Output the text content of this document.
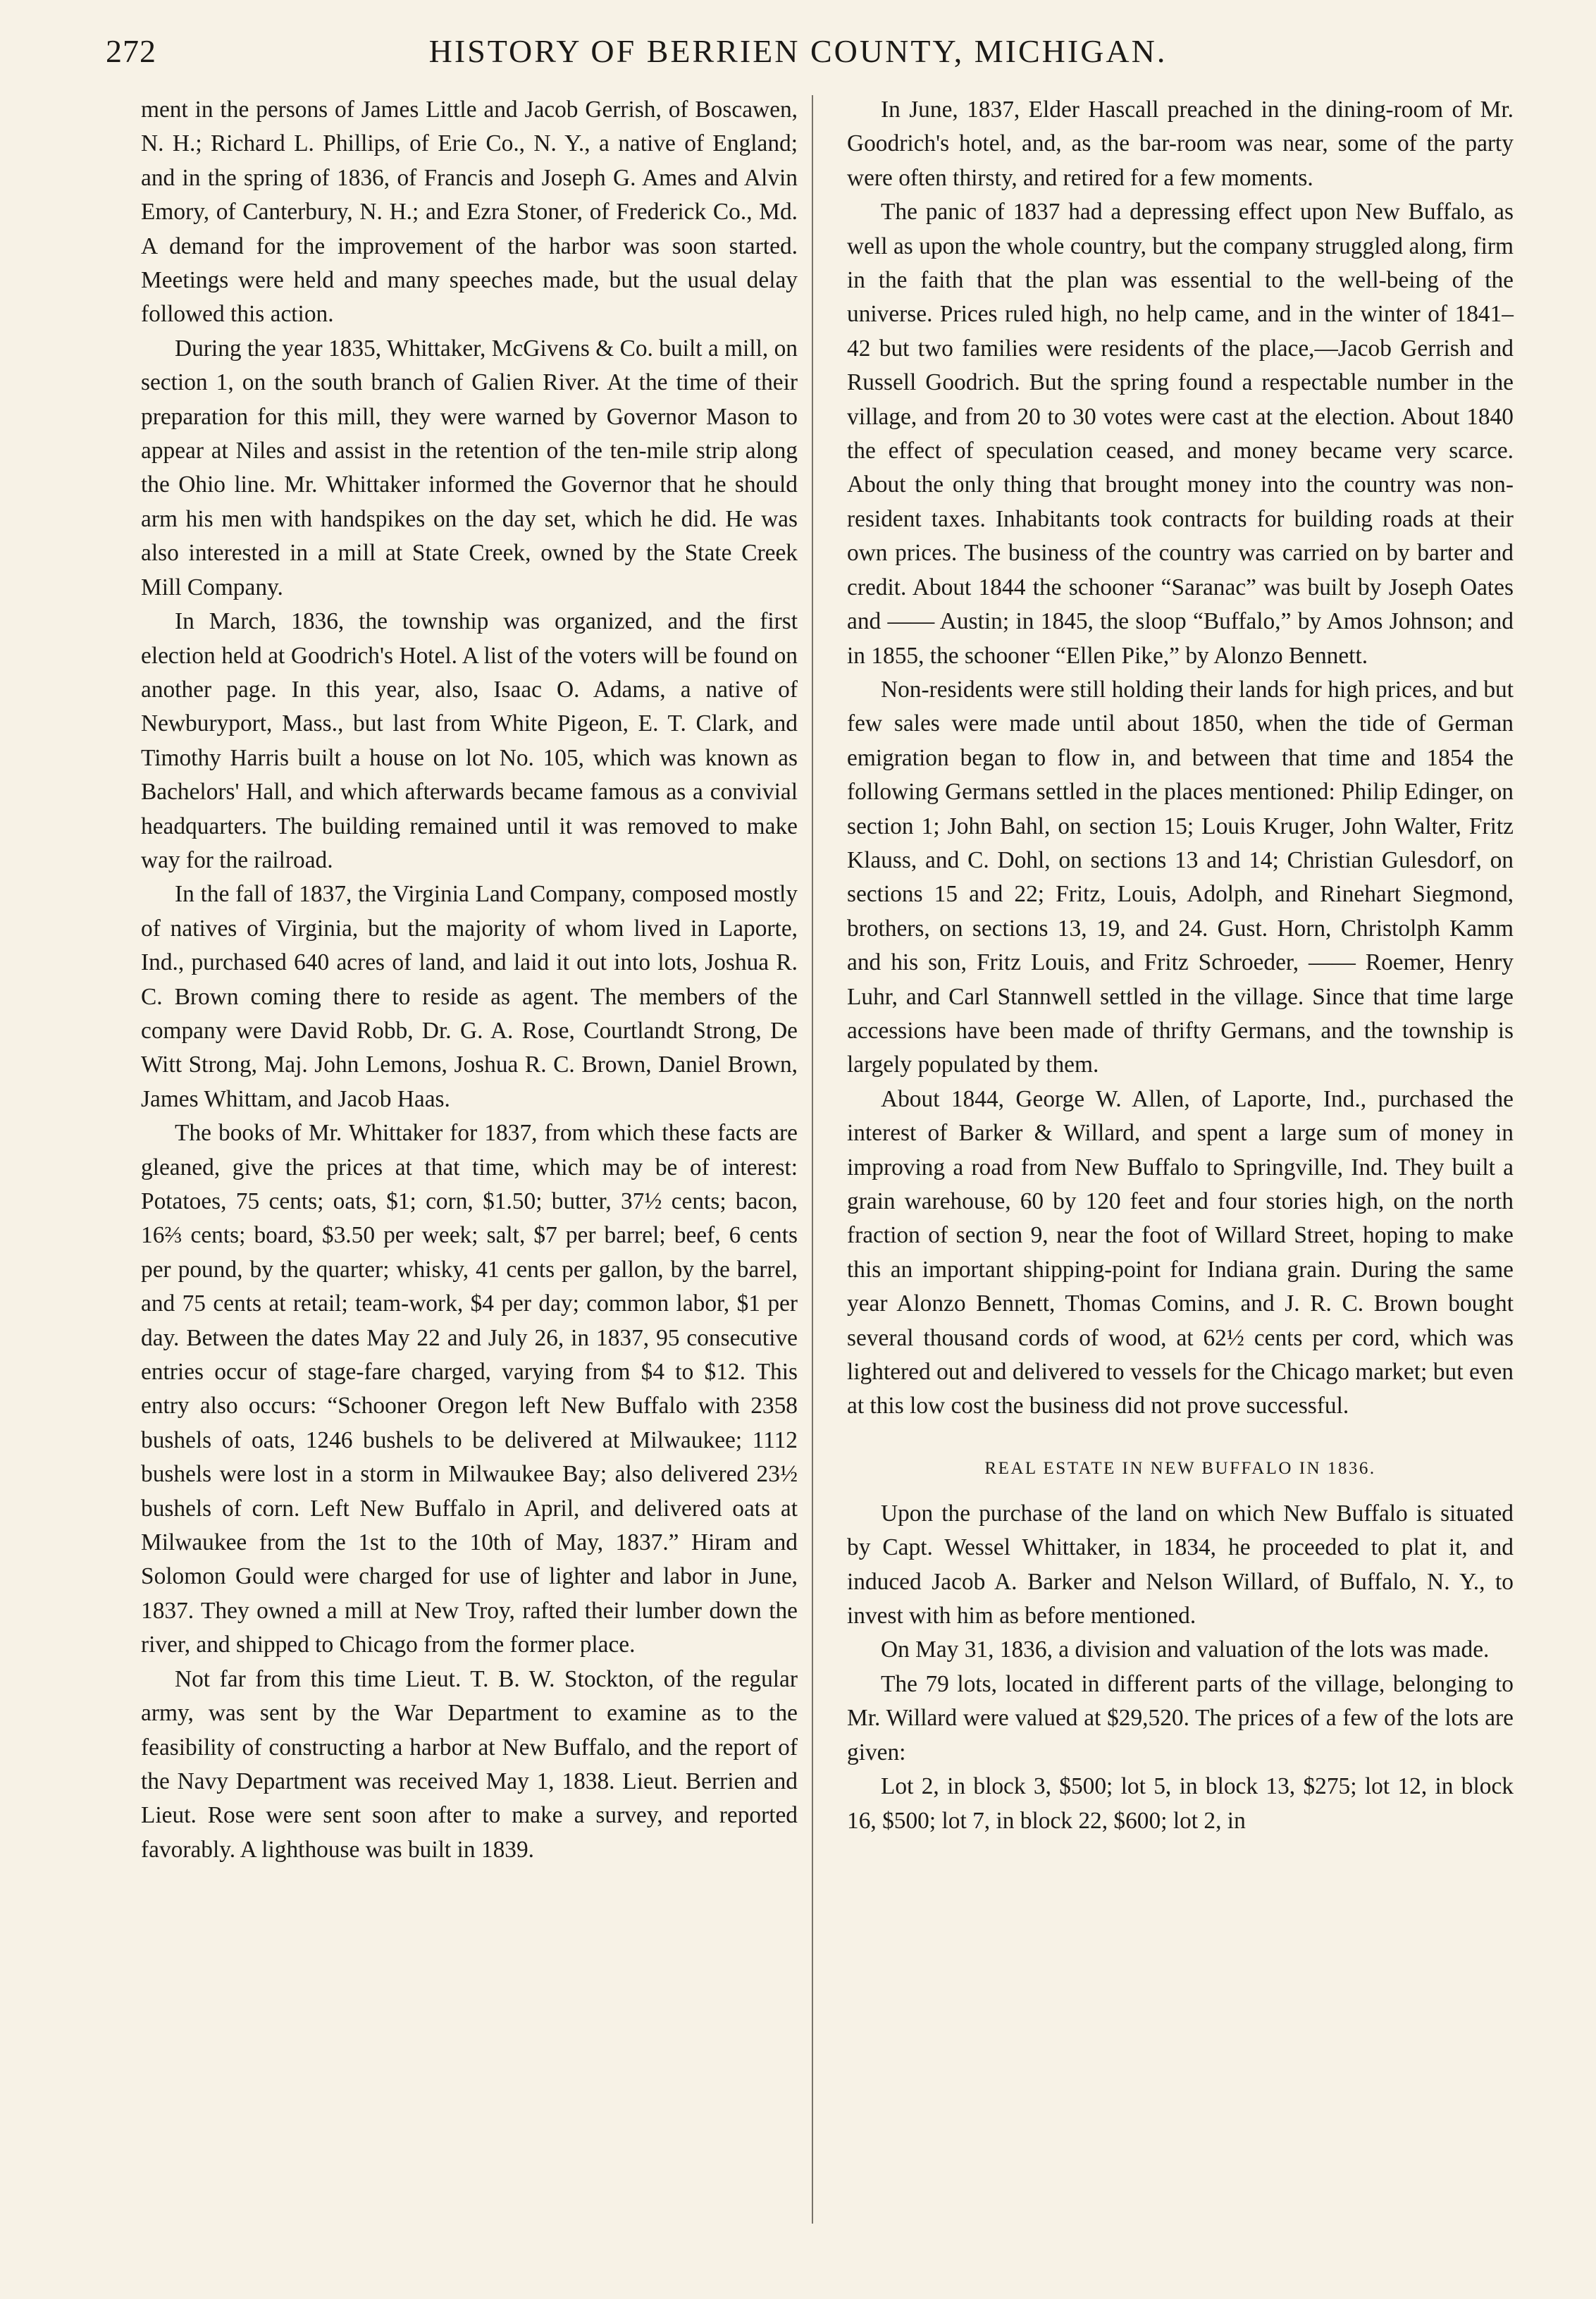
272	HISTORY OF BERRIEN COUNTY, MICHIGAN.

ment in the persons of James Little and Jacob Gerrish, of Boscawen, N. H.; Richard L. Phillips, of Erie Co., N. Y., a native of England; and in the spring of 1836, of Francis and Joseph G. Ames and Alvin Emory, of Canterbury, N. H.; and Ezra Stoner, of Frederick Co., Md. A demand for the improvement of the harbor was soon started. Meetings were held and many speeches made, but the usual delay followed this action.

During the year 1835, Whittaker, McGivens & Co. built a mill, on section 1, on the south branch of Galien River. At the time of their preparation for this mill, they were warned by Governor Mason to appear at Niles and assist in the retention of the ten-mile strip along the Ohio line. Mr. Whittaker informed the Governor that he should arm his men with handspikes on the day set, which he did. He was also interested in a mill at State Creek, owned by the State Creek Mill Company.

In March, 1836, the township was organized, and the first election held at Goodrich's Hotel. A list of the voters will be found on another page. In this year, also, Isaac O. Adams, a native of Newburyport, Mass., but last from White Pigeon, E. T. Clark, and Timothy Harris built a house on lot No. 105, which was known as Bachelors' Hall, and which afterwards became famous as a convivial headquarters. The building remained until it was removed to make way for the railroad.

In the fall of 1837, the Virginia Land Company, composed mostly of natives of Virginia, but the majority of whom lived in Laporte, Ind., purchased 640 acres of land, and laid it out into lots, Joshua R. C. Brown coming there to reside as agent. The members of the company were David Robb, Dr. G. A. Rose, Courtlandt Strong, De Witt Strong, Maj. John Lemons, Joshua R. C. Brown, Daniel Brown, James Whittam, and Jacob Haas.

The books of Mr. Whittaker for 1837, from which these facts are gleaned, give the prices at that time, which may be of interest: Potatoes, 75 cents; oats, $1; corn, $1.50; butter, 37½ cents; bacon, 16⅔ cents; board, $3.50 per week; salt, $7 per barrel; beef, 6 cents per pound, by the quarter; whisky, 41 cents per gallon, by the barrel, and 75 cents at retail; team-work, $4 per day; common labor, $1 per day. Between the dates May 22 and July 26, in 1837, 95 consecutive entries occur of stage-fare charged, varying from $4 to $12. This entry also occurs: “Schooner Oregon left New Buffalo with 2358 bushels of oats, 1246 bushels to be delivered at Milwaukee; 1112 bushels were lost in a storm in Milwaukee Bay; also delivered 23½ bushels of corn. Left New Buffalo in April, and delivered oats at Milwaukee from the 1st to the 10th of May, 1837.” Hiram and Solomon Gould were charged for use of lighter and labor in June, 1837. They owned a mill at New Troy, rafted their lumber down the river, and shipped to Chicago from the former place.

Not far from this time Lieut. T. B. W. Stockton, of the regular army, was sent by the War Department to examine as to the feasibility of constructing a harbor at New Buffalo, and the report of the Navy Department was received May 1, 1838. Lieut. Berrien and Lieut. Rose were sent soon after to make a survey, and reported favorably. A lighthouse was built in 1839.

In June, 1837, Elder Hascall preached in the dining-room of Mr. Goodrich's hotel, and, as the bar-room was near, some of the party were often thirsty, and retired for a few moments.

The panic of 1837 had a depressing effect upon New Buffalo, as well as upon the whole country, but the company struggled along, firm in the faith that the plan was essential to the well-being of the universe. Prices ruled high, no help came, and in the winter of 1841–42 but two families were residents of the place,—Jacob Gerrish and Russell Goodrich. But the spring found a respectable number in the village, and from 20 to 30 votes were cast at the election. About 1840 the effect of speculation ceased, and money became very scarce. About the only thing that brought money into the country was non-resident taxes. Inhabitants took contracts for building roads at their own prices. The business of the country was carried on by barter and credit. About 1844 the schooner “Saranac” was built by Joseph Oates and —— Austin; in 1845, the sloop “Buffalo,” by Amos Johnson; and in 1855, the schooner “Ellen Pike,” by Alonzo Bennett.

Non-residents were still holding their lands for high prices, and but few sales were made until about 1850, when the tide of German emigration began to flow in, and between that time and 1854 the following Germans settled in the places mentioned: Philip Edinger, on section 1; John Bahl, on section 15; Louis Kruger, John Walter, Fritz Klauss, and C. Dohl, on sections 13 and 14; Christian Gulesdorf, on sections 15 and 22; Fritz, Louis, Adolph, and Rinehart Siegmond, brothers, on sections 13, 19, and 24. Gust. Horn, Christolph Kamm and his son, Fritz Louis, and Fritz Schroeder, —— Roemer, Henry Luhr, and Carl Stannwell settled in the village. Since that time large accessions have been made of thrifty Germans, and the township is largely populated by them.

About 1844, George W. Allen, of Laporte, Ind., purchased the interest of Barker & Willard, and spent a large sum of money in improving a road from New Buffalo to Springville, Ind. They built a grain warehouse, 60 by 120 feet and four stories high, on the north fraction of section 9, near the foot of Willard Street, hoping to make this an important shipping-point for Indiana grain. During the same year Alonzo Bennett, Thomas Comins, and J. R. C. Brown bought several thousand cords of wood, at 62½ cents per cord, which was lightered out and delivered to vessels for the Chicago market; but even at this low cost the business did not prove successful.

REAL ESTATE IN NEW BUFFALO IN 1836.

Upon the purchase of the land on which New Buffalo is situated by Capt. Wessel Whittaker, in 1834, he proceeded to plat it, and induced Jacob A. Barker and Nelson Willard, of Buffalo, N. Y., to invest with him as before mentioned.

On May 31, 1836, a division and valuation of the lots was made.

The 79 lots, located in different parts of the village, belonging to Mr. Willard were valued at $29,520. The prices of a few of the lots are given:

Lot 2, in block 3, $500; lot 5, in block 13, $275; lot 12, in block 16, $500; lot 7, in block 22, $600; lot 2, in
